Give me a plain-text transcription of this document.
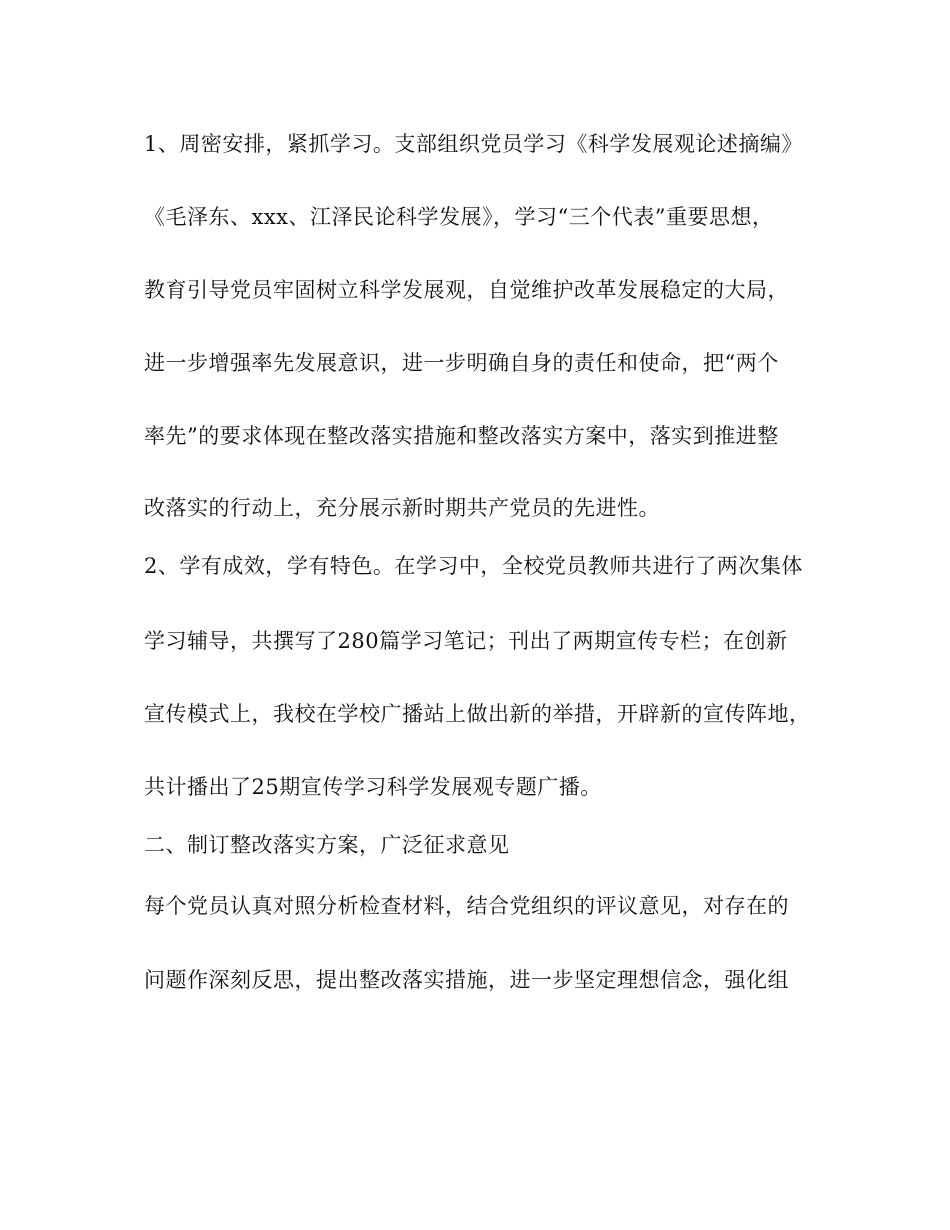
1、周密安排，紧抓学习。支部组织党员学习《科学发展观论述摘编》
《毛泽东、xxx、江泽民论科学发展》，学习“三个代表”重要思想，
教育引导党员牢固树立科学发展观，自觉维护改革发展稳定的大局，
进一步增强率先发展意识，进一步明确自身的责任和使命，把“两个
率先”的要求体现在整改落实措施和整改落实方案中，落实到推进整
改落实的行动上，充分展示新时期共产党员的先进性。
2、学有成效，学有特色。在学习中，全校党员教师共进行了两次集体
学习辅导，共撰写了280篇学习笔记；刊出了两期宣传专栏；在创新
宣传模式上，我校在学校广播站上做出新的举措，开辟新的宣传阵地，
共计播出了25期宣传学习科学发展观专题广播。
二、制订整改落实方案，广泛征求意见
每个党员认真对照分析检查材料，结合党组织的评议意见，对存在的
问题作深刻反思，提出整改落实措施，进一步坚定理想信念，强化组
